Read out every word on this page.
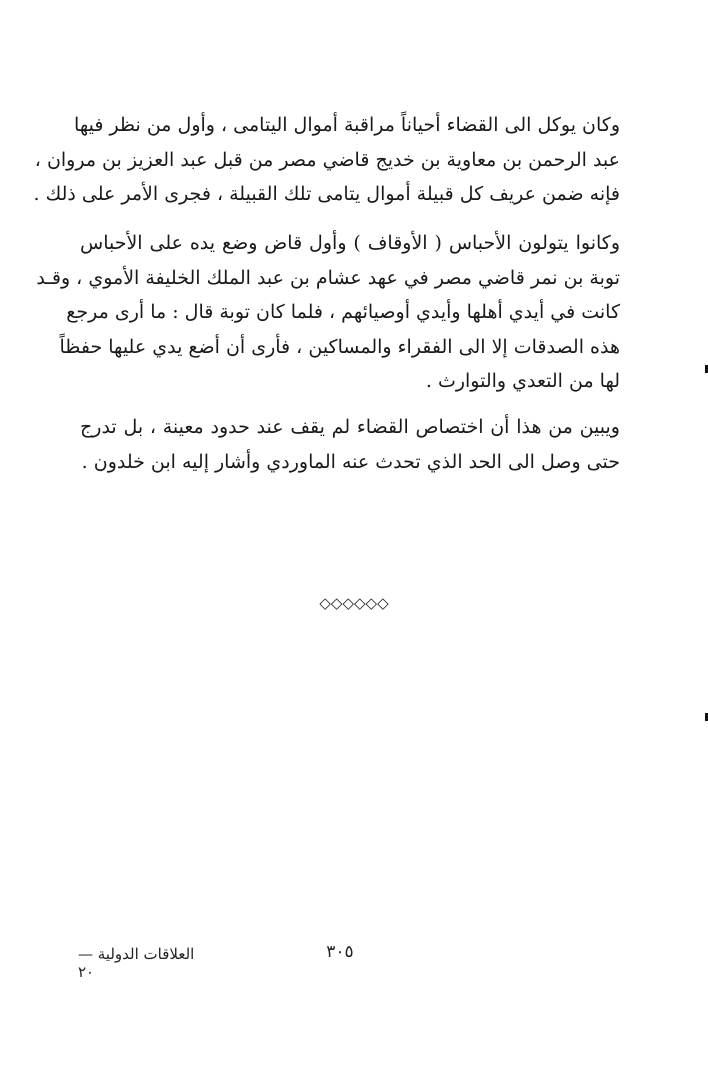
وكان يوكل الى القضاء أحياناً مراقبة أموال اليتامى ، وأول من نظر فيها
عبد الرحمن بن معاوية بن خديج قاضي مصر من قبل عبد العزيز بن مروان ،
فإنه ضمن عريف كل قبيلة أموال يتامى تلك القبيلة ، فجرى الأمر على ذلك .
وكانوا يتولون الأحباس ( الأوقاف ) وأول قاض وضع يده على الأحباس
توبة بن نمر قاضي مصر في عهد عشام بن عبد الملك الخليفة الأموي ، وقـد
كانت في أيدي أهلها وأيدي أوصيائهم ، فلما كان توبة قال : ما أرى مرجع
هذه الصدقات إلا الى الفقراء والمساكين ، فأرى أن أضع يدي عليها حفظاً
لها من التعدي والتوارث .
ويبين من هذا أن اختصاص القضاء لم يقف عند حدود معينة ، بل تدرج
حتى وصل الى الحد الذي تحدث عنه الماوردي وأشار إليه ابن خلدون .
◇◇◇◇◇◇
٣٠٥
العلاقات الدولية — ٢٠
